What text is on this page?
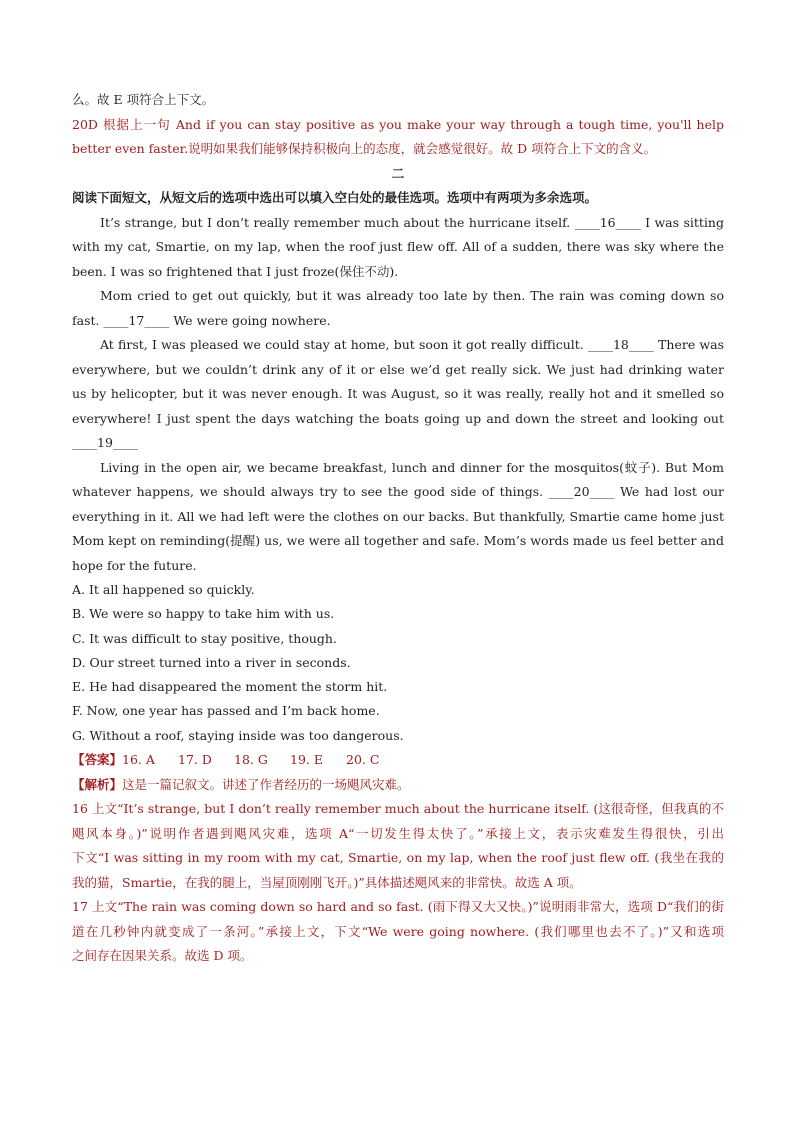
么。故 E 项符合上下文。
20D 根据上一句 And if you can stay positive as you make your way through a tough time, you'll help
better even faster.说明如果我们能够保持积极向上的态度，就会感觉很好。故 D 项符合上下文的含义。
二
阅读下面短文，从短文后的选项中选出可以填入空白处的最佳选项。选项中有两项为多余选项。
It’s strange, but I don’t really remember much about the hurricane itself. ____16____ I was sitting
with my cat, Smartie, on my lap, when the roof just flew off. All of a sudden, there was sky where the
been. I was so frightened that I just froze(保住不动).
Mom cried to get out quickly, but it was already too late by then. The rain was coming down so
fast. ____17____ We were going nowhere.
At first, I was pleased we could stay at home, but soon it got really difficult. ____18____ There was
everywhere, but we couldn’t drink any of it or else we’d get really sick. We just had drinking water
us by helicopter, but it was never enough. It was August, so it was really, really hot and it smelled so
everywhere! I just spent the days watching the boats going up and down the street and looking out
____19____
Living in the open air, we became breakfast, lunch and dinner for the mosquitos(蚊子). But Mom
whatever happens, we should always try to see the good side of things. ____20____ We had lost our
everything in it. All we had left were the clothes on our backs. But thankfully, Smartie came home just
Mom kept on reminding(提醒) us, we were all together and safe. Mom’s words made us feel better and
hope for the future.
A. It all happened so quickly.
B. We were so happy to take him with us.
C. It was difficult to stay positive, though.
D. Our street turned into a river in seconds.
E. He had disappeared the moment the storm hit.
F. Now, one year has passed and I’m back home.
G. Without a roof, staying inside was too dangerous.
【答案】16. A 17. D 18. G 19. E 20. C
【解析】这是一篇记叙文。讲述了作者经历的一场飓风灾难。
16 上文“It’s strange, but I don’t really remember much about the hurricane itself. (这很奇怪，但我真的不
飓风本身。)”说明作者遇到飓风灾难，选项 A“一切发生得太快了。”承接上文，表示灾难发生得很快，引出
下文“I was sitting in my room with my cat, Smartie, on my lap, when the roof just flew off. (我坐在我的
我的猫，Smartie，在我的腿上，当屋顶刚刚飞开。)”具体描述飓风来的非常快。故选 A 项。
17 上文“The rain was coming down so hard and so fast. (雨下得又大又快。)”说明雨非常大，选项 D“我们的街
道在几秒钟内就变成了一条河。”承接上文，下文“We were going nowhere. (我们哪里也去不了。)”又和选项
之间存在因果关系。故选 D 项。
